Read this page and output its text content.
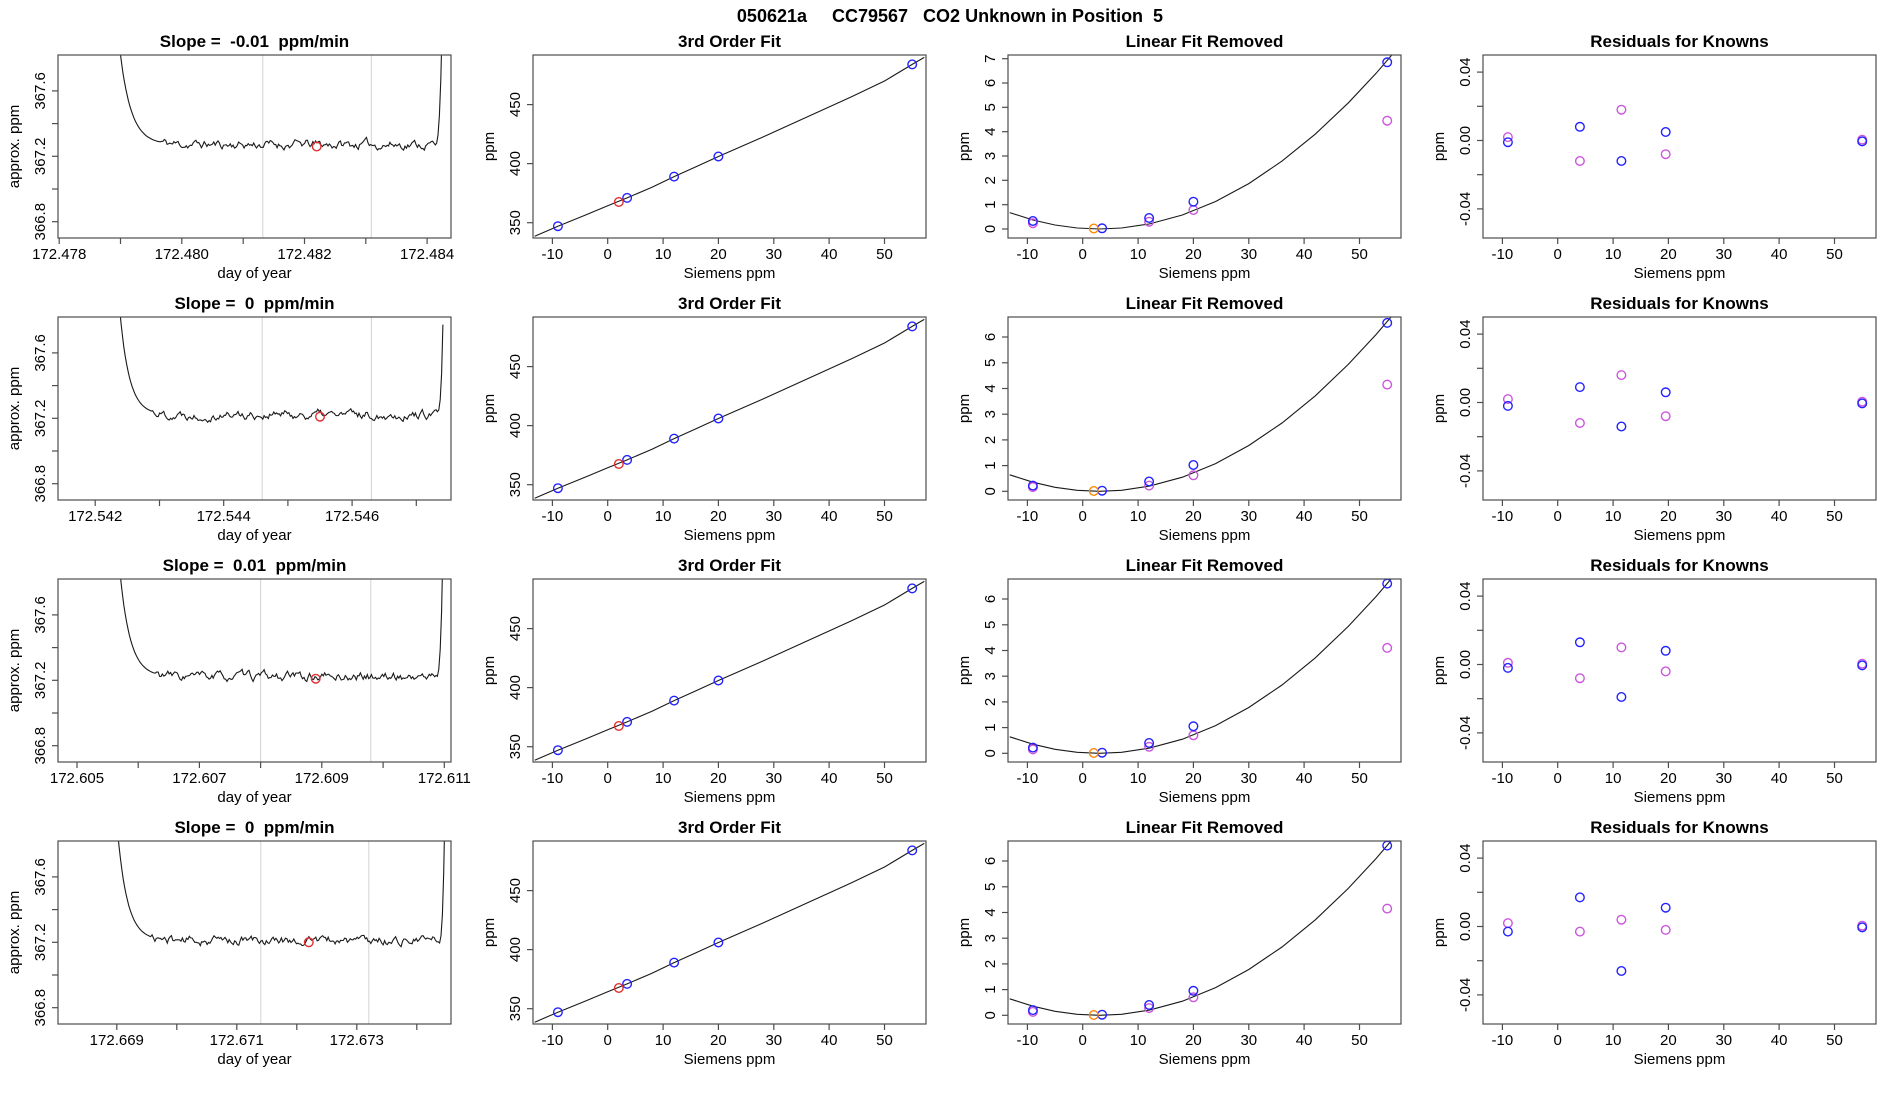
050621a     CC79567   CO2 Unknown in Position  5
172.478	172.480	172.482	172.484
day of year
366.8
367.2
367.6
approx. ppm
Slope =  -0.01  ppm/min
-10	0	10	20	30	40	50
Siemens ppm
350
400
450
ppm
3rd Order Fit
-10	0	10	20	30	40	50
Siemens ppm
0
1
2
3
4
5
6
7
ppm
Linear Fit Removed
-10	0	10	20	30	40	50
Siemens ppm
-0.04
0.00
0.04
ppm
Residuals for Knowns
172.542	172.544	172.546
day of year
366.8
367.2
367.6
approx. ppm
Slope =  0  ppm/min
-10	0	10	20	30	40	50
Siemens ppm
350
400
450
ppm
3rd Order Fit
-10	0	10	20	30	40	50
Siemens ppm
0
1
2
3
4
5
6
ppm
Linear Fit Removed
-10	0	10	20	30	40	50
Siemens ppm
-0.04
0.00
0.04
ppm
Residuals for Knowns
172.605	172.607	172.609	172.611
day of year
366.8
367.2
367.6
approx. ppm
Slope =  0.01  ppm/min
-10	0	10	20	30	40	50
Siemens ppm
350
400
450
ppm
3rd Order Fit
-10	0	10	20	30	40	50
Siemens ppm
0
1
2
3
4
5
6
ppm
Linear Fit Removed
-10	0	10	20	30	40	50
Siemens ppm
-0.04
0.00
0.04
ppm
Residuals for Knowns
172.669	172.671	172.673
day of year
366.8
367.2
367.6
approx. ppm
Slope =  0  ppm/min
-10	0	10	20	30	40	50
Siemens ppm
350
400
450
ppm
3rd Order Fit
-10	0	10	20	30	40	50
Siemens ppm
0
1
2
3
4
5
6
ppm
Linear Fit Removed
-10	0	10	20	30	40	50
Siemens ppm
-0.04
0.00
0.04
ppm
Residuals for Knowns
